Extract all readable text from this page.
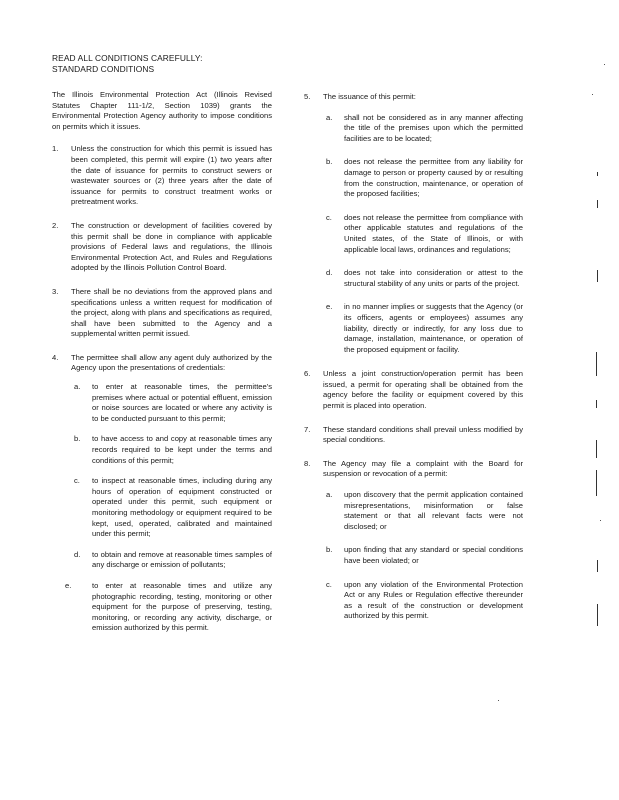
READ ALL CONDITIONS CAREFULLY:
STANDARD CONDITIONS

The Illinois Environmental Protection Act (Illinois Revised Statutes Chapter 111-1/2, Section 1039) grants the Environmental Protection Agency authority to impose conditions on permits which it issues.

1. Unless the construction for which this permit is issued has been completed, this permit will expire (1) two years after the date of issuance for permits to construct sewers or wastewater sources or (2) three years after the date of issuance for permits to construct treatment works or pretreatment works.

2. The construction or development of facilities covered by this permit shall be done in compliance with applicable provisions of Federal laws and regulations, the Illinois Environmental Protection Act, and Rules and Regulations adopted by the Illinois Pollution Control Board.

3. There shall be no deviations from the approved plans and specifications unless a written request for modification of the project, along with plans and specifications as required, shall have been submitted to the Agency and a supplemental written permit issued.

4. The permittee shall allow any agent duly authorized by the Agency upon the presentations of credentials:

a. to enter at reasonable times, the permittee's premises where actual or potential effluent, emission or noise sources are located or where any activity is to be conducted pursuant to this permit;

b. to have access to and copy at reasonable times any records required to be kept under the terms and conditions of this permit;

c. to inspect at reasonable times, including during any hours of operation of equipment constructed or operated under this permit, such equipment or monitoring methodology or equipment required to be kept, used, operated, calibrated and maintained under this permit;

d. to obtain and remove at reasonable times samples of any discharge or emission of pollutants;

e.	to enter at reasonable times and utilize any photographic recording, testing, monitoring or other equipment for the purpose of preserving, testing, monitoring, or recording any activity, discharge, or emission authorized by this permit.

5. The issuance of this permit:

a. shall not be considered as in any manner affecting the title of the premises upon which the permitted facilities are to be located;

b. does not release the permittee from any liability for damage to person or property caused by or resulting from the construction, maintenance, or operation of the proposed facilities;

c. does not release the permittee from compliance with other applicable statutes and regulations of the United states, of the State of Illinois, or with applicable local laws, ordinances and regulations;

d. does not take into consideration or attest to the structural stability of any units or parts of the project.

e. in no manner implies or suggests that the Agency (or its officers, agents or employees) assumes any liability, directly or indirectly, for any loss due to damage, installation, maintenance, or operation of the proposed equipment or facility.

6. Unless a joint construction/operation permit has been issued, a permit for operating shall be obtained from the agency before the facility or equipment covered by this permit is placed into operation.

7. These standard conditions shall prevail unless modified by special conditions.

8. The Agency may file a complaint with the Board for suspension or revocation of a permit:

a. upon discovery that the permit application contained misrepresentations, misinformation or false statement or that all relevant facts were not disclosed; or

b. upon finding that any standard or special conditions have been violated; or

c. upon any violation of the Environmental Protection Act or any Rules or Regulation effective thereunder as a result of the construction or development authorized by this permit.
